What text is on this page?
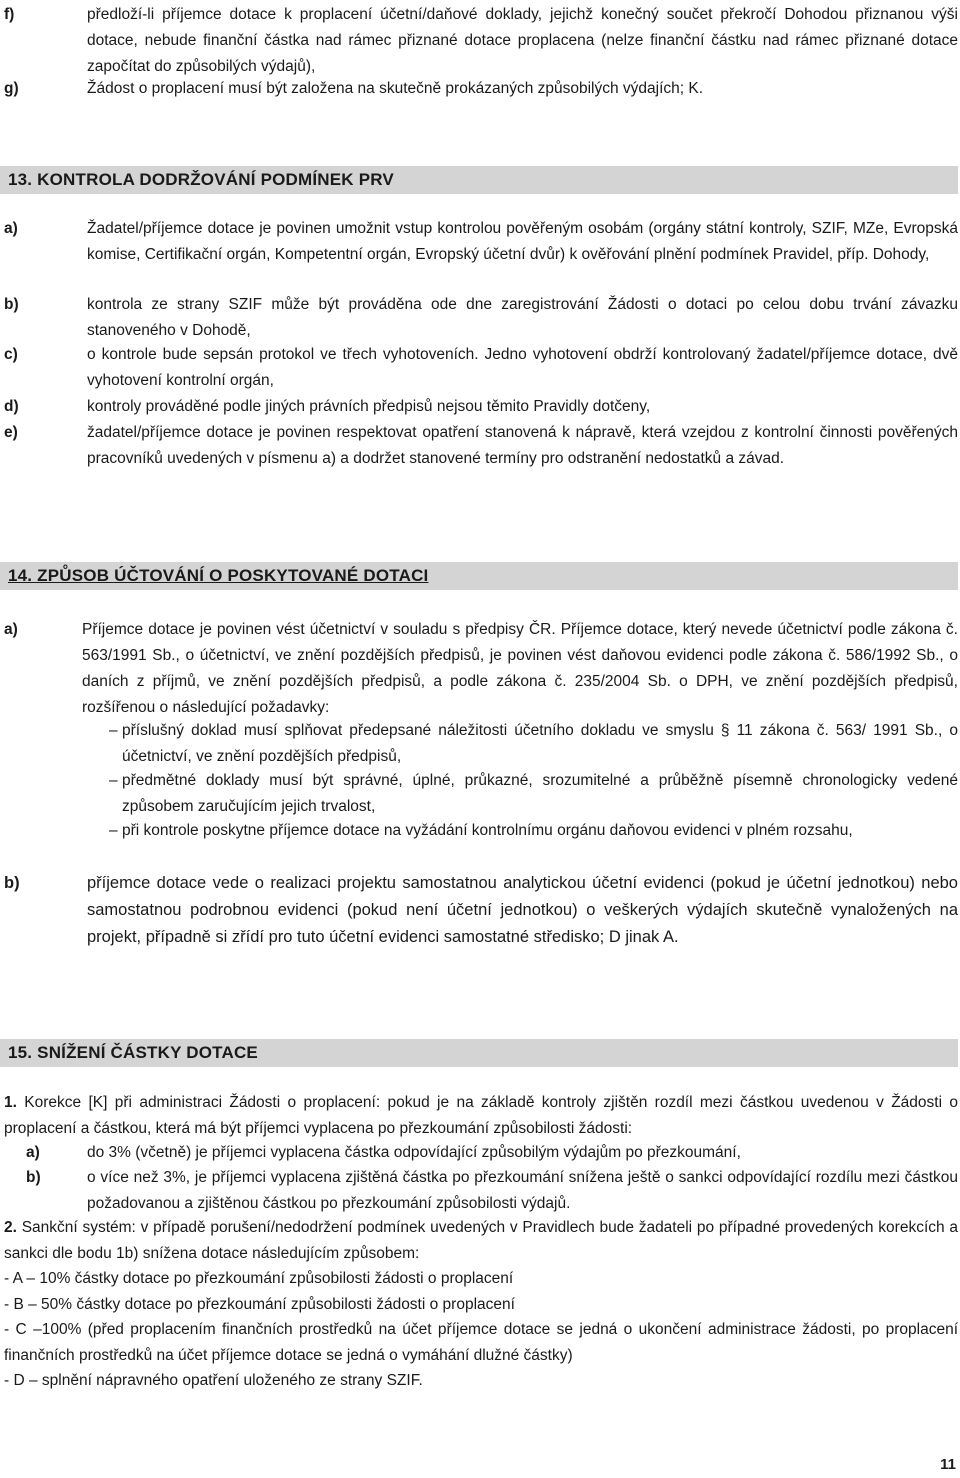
f)	předloží-li příjemce dotace k proplacení účetní/daňové doklady, jejichž konečný součet překročí Dohodou přiznanou výši dotace, nebude finanční částka nad rámec přiznané dotace proplacena (nelze finanční částku nad rámec přiznané dotace započítat do způsobilých výdajů),
g)	Žádost o proplacení musí být založena na skutečně prokázaných způsobilých výdajích; K.
13. KONTROLA DODRŽOVÁNÍ PODMÍNEK PRV
a)	Žadatel/příjemce dotace je povinen umožnit vstup kontrolou pověřeným osobám (orgány státní kontroly, SZIF, MZe, Evropská komise, Certifikační orgán, Kompetentní orgán, Evropský účetní dvůr) k ověřování plnění podmínek Pravidel, příp. Dohody,
b)	kontrola ze strany SZIF může být prováděna ode dne zaregistrování Žádosti o dotaci po celou dobu trvání závazku stanoveného v Dohodě,
c)	o kontrole bude sepsán protokol ve třech vyhotoveních. Jedno vyhotovení obdrží kontrolovaný žadatel/příjemce dotace, dvě vyhotovení kontrolní orgán,
d)	kontroly prováděné podle jiných právních předpisů nejsou těmito Pravidly dotčeny,
e)	žadatel/příjemce dotace je povinen respektovat opatření stanovená k nápravě, která vzejdou z kontrolní činnosti pověřených pracovníků uvedených v písmenu a) a dodržet stanovené termíny pro odstranění nedostatků a závad.
14. ZPŮSOB ÚČTOVÁNÍ O POSKYTOVANÉ DOTACI
a)	Příjemce dotace je povinen vést účetnictví v souladu s předpisy ČR. Příjemce dotace, který nevede účetnictví podle zákona č. 563/1991 Sb., o účetnictví, ve znění pozdějších předpisů, je povinen vést daňovou evidenci podle zákona č. 586/1992 Sb., o daních z příjmů, ve znění pozdějších předpisů, a podle zákona č. 235/2004 Sb. o DPH, ve znění pozdějších předpisů, rozšířenou o následující požadavky:
– příslušný doklad musí splňovat předepsané náležitosti účetního dokladu ve smyslu § 11 zákona č. 563/ 1991 Sb., o účetnictví, ve znění pozdějších předpisů,
– předmětné doklady musí být správné, úplné, průkazné, srozumitelné a průběžně písemně chronologicky vedené způsobem zaručujícím jejich trvalost,
– při kontrole poskytne příjemce dotace na vyžádání kontrolnímu orgánu daňovou evidenci v plném rozsahu,
b)	příjemce dotace vede o realizaci projektu samostatnou analytickou účetní evidenci (pokud je účetní jednotkou) nebo samostatnou podrobnou evidenci (pokud není účetní jednotkou) o veškerých výdajích skutečně vynaložených na projekt, případně si zřídí pro tuto účetní evidenci samostatné středisko; D jinak A.
15. SNÍŽENÍ ČÁSTKY DOTACE
1. Korekce [K] při administraci Žádosti o proplacení: pokud je na základě kontroly zjištěn rozdíl mezi částkou uvedenou v Žádosti o proplacení a částkou, která má být příjemci vyplacena po přezkoumání způsobilosti žádosti:
a)	do 3% (včetně) je příjemci vyplacena částka odpovídající způsobilým výdajům po přezkoumání,
b)	o více než 3%, je příjemci vyplacena zjištěná částka po přezkoumání snížena ještě o sankci odpovídající rozdílu mezi částkou požadovanou a zjištěnou částkou po přezkoumání způsobilosti výdajů.
2. Sankční systém: v případě porušení/nedodržení podmínek uvedených v Pravidlech bude žadateli po případné provedených korekcích a sankci dle bodu 1b) snížena dotace následujícím způsobem:
- A – 10% částky dotace po přezkoumání způsobilosti žádosti o proplacení
- B – 50% částky dotace po přezkoumání způsobilosti žádosti o proplacení
- C –100% (před proplacením finančních prostředků na účet příjemce dotace se jedná o ukončení administrace žádosti, po proplacení finančních prostředků na účet příjemce dotace se jedná o vymáhání dlužné částky)
- D – splnění nápravného opatření uloženého ze strany SZIF.
11
